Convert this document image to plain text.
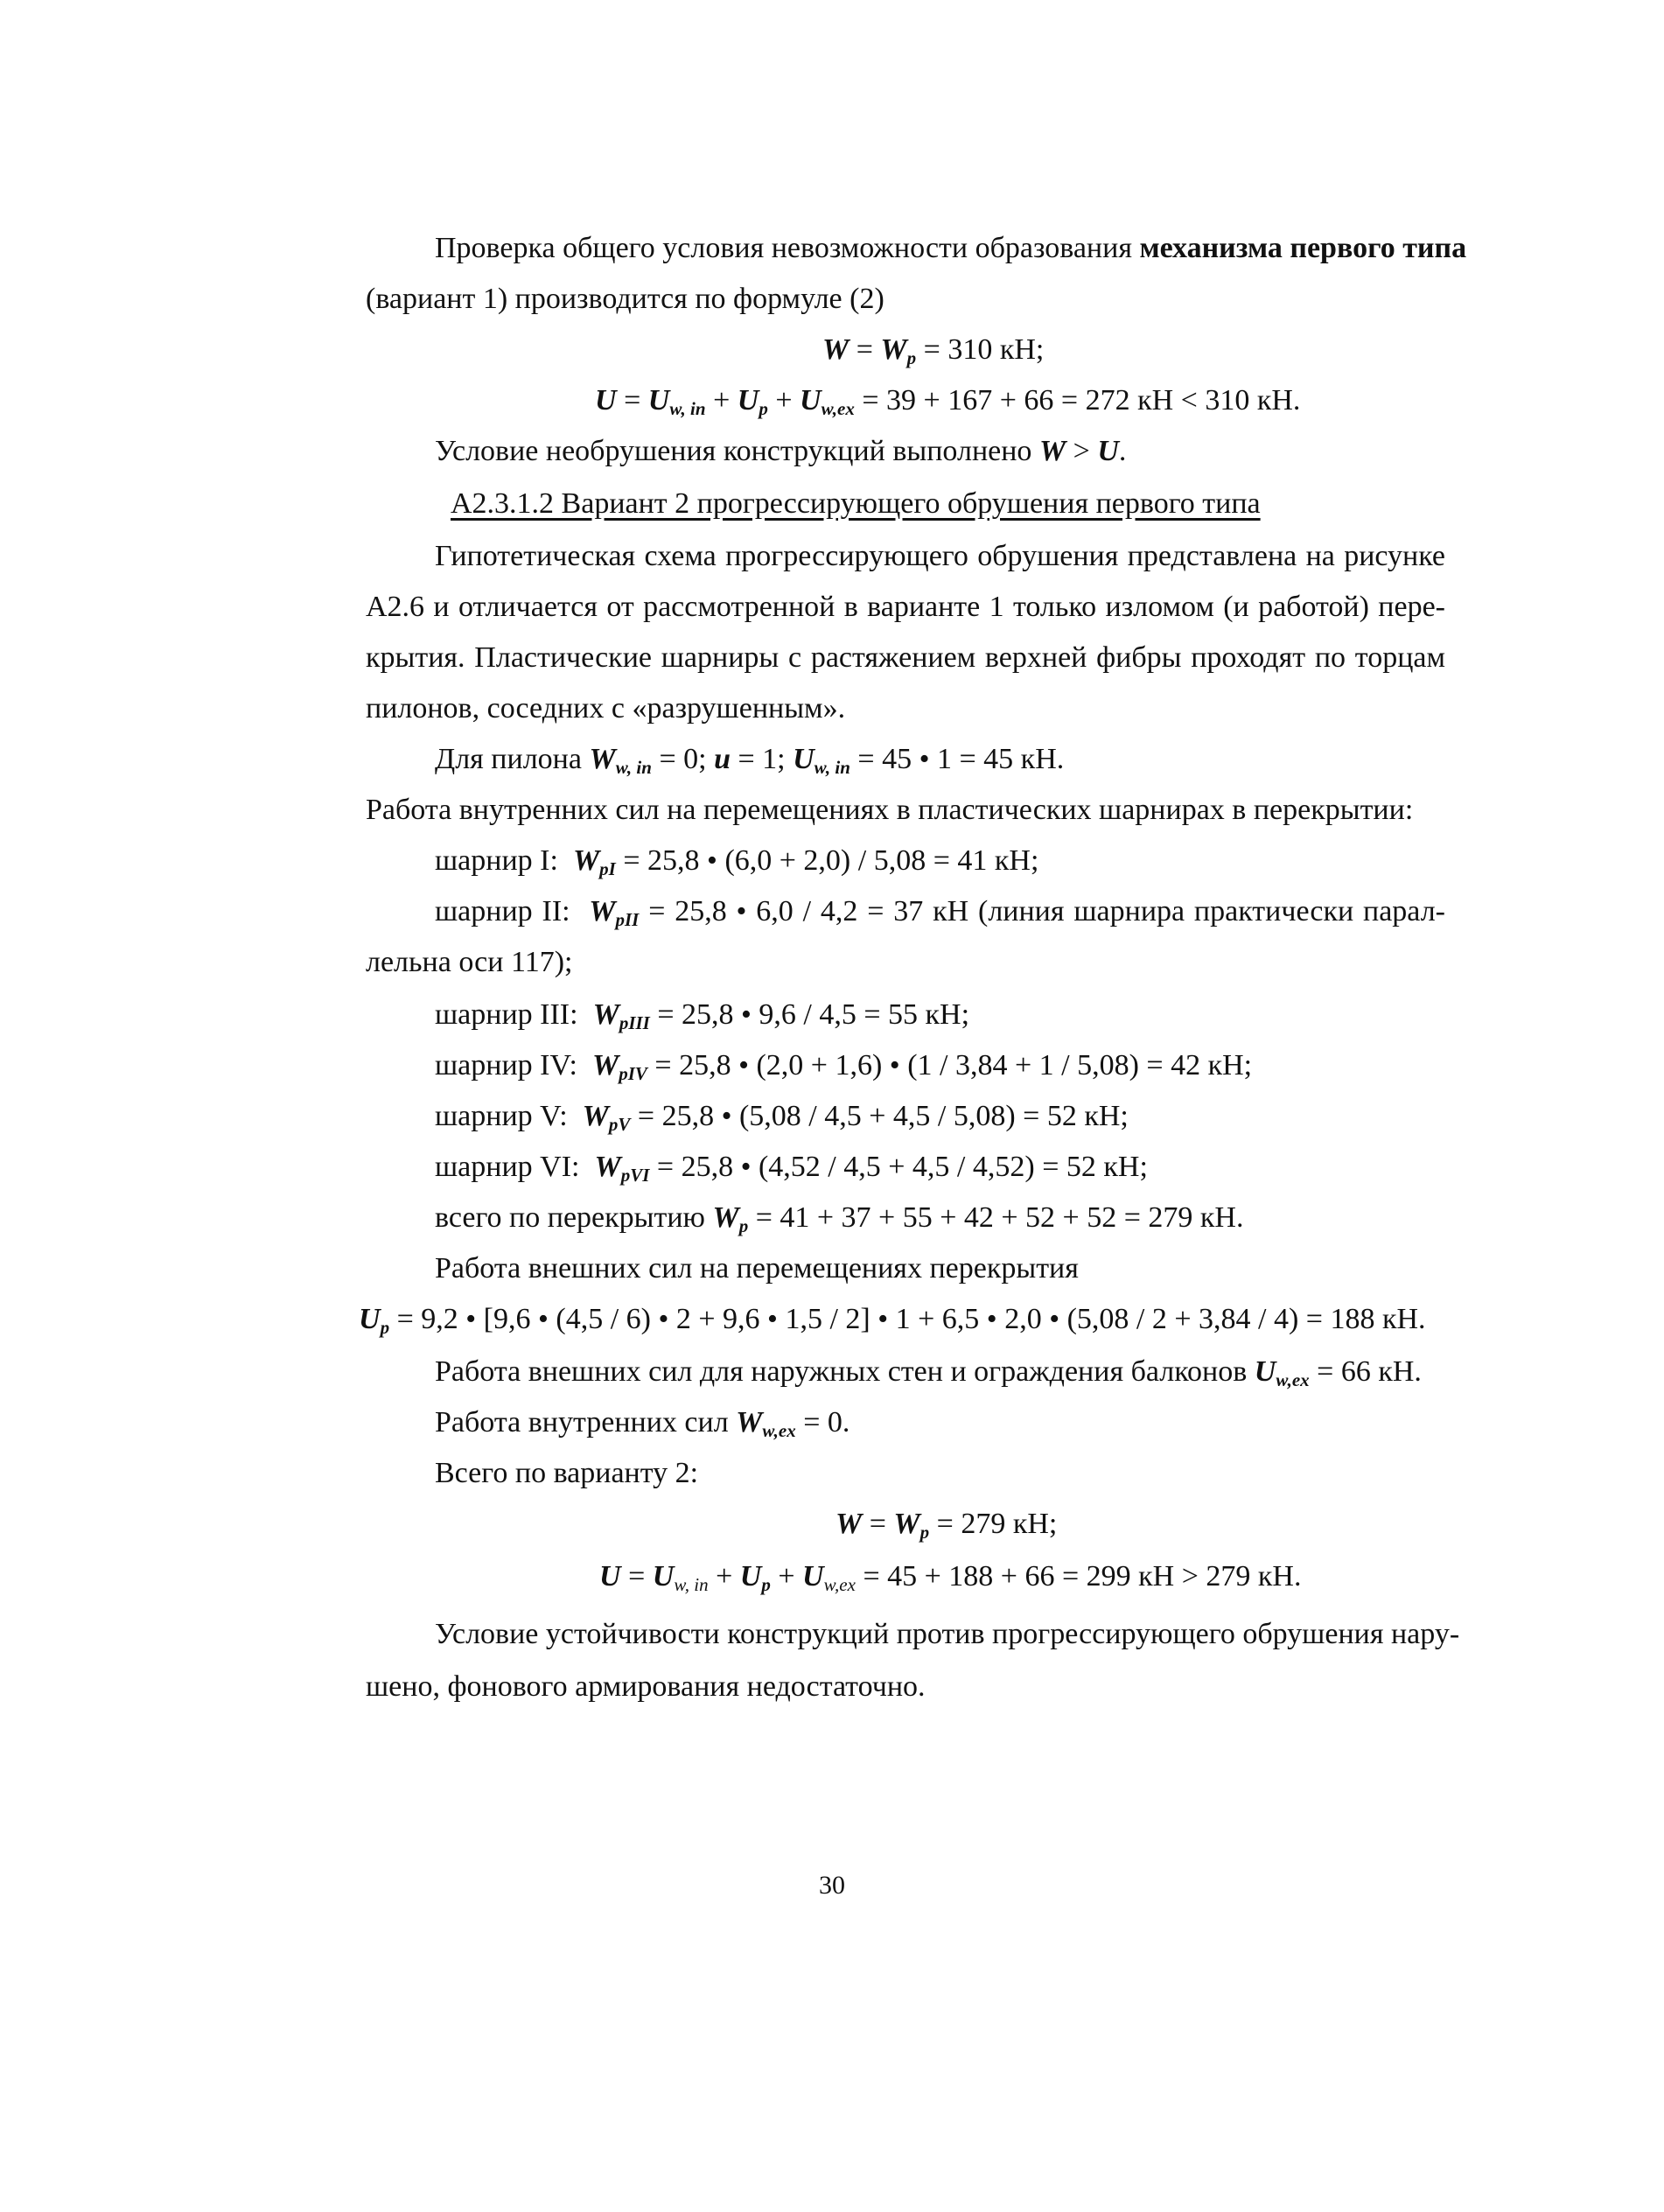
Проверка общего условия невозможности образования механизма первого типа

(вариант 1) производится по формуле (2)

$W = W_p = 310$ кН;

$U = U_{w, in} + U_p + U_{w,ex} = 39 + 167 + 66 = 272$ кН < 310 кН.

Условие необрушения конструкций выполнено W > U.

А2.3.1.2 Вариант 2 прогрессирующего обрушения первого типа

Гипотетическая схема прогрессирующего обрушения представлена на рисунке

А2.6 и отличается от рассмотренной в варианте 1 только изломом (и работой) пере-

крытия. Пластические шарниры с растяжением верхней фибры проходят по торцам

пилонов, соседних с «разрушенным».

Для пилона $W_{w, in} = 0$; u = 1; $U_{w, in} = 45$ • 1 = 45 кН.

Работа внутренних сил на перемещениях в пластических шарнирах в перекрытии:

шарнир I: $W_{pI} = 25,8$ • (6,0 + 2,0) / 5,08 = 41 кН;

шарнир II: $W_{pII} = 25,8$ • 6,0 / 4,2 = 37 кН (линия шарнира практически парал-

лельна оси 117);

шарнир III: $W_{pIII} = 25,8$ • 9,6 / 4,5 = 55 кН;

шарнир IV: $W_{pIV} = 25,8$ • (2,0 + 1,6) • (1 / 3,84 + 1 / 5,08) = 42 кН;

шарнир V: $W_{pV} = 25,8$ • (5,08 / 4,5 + 4,5 / 5,08) = 52 кН;

шарнир VI: $W_{pVI} = 25,8$ • (4,52 / 4,5 + 4,5 / 4,52) = 52 кН;

всего по перекрытию $W_p = 41 + 37 + 55 + 42 + 52 + 52 = 279$ кН.

Работа внешних сил на перемещениях перекрытия

$U_p = 9,2$ • [9,6 • (4,5 / 6) • 2 + 9,6 • 1,5 / 2] • 1 + 6,5 • 2,0 • (5,08 / 2 + 3,84 / 4) = 188 кН.

Работа внешних сил для наружных стен и ограждения балконов $U_{w,ex} = 66$ кН.

Работа внутренних сил $W_{w,ex} = 0$.

Всего по варианту 2:

$W = W_p = 279$ кН;

$U = U_{w, in} + U_p + U_{w,ex} = 45 + 188 + 66 = 299$ кН > 279 кН.

Условие устойчивости конструкций против прогрессирующего обрушения нару-

шено, фонового армирования недостаточно.

30
